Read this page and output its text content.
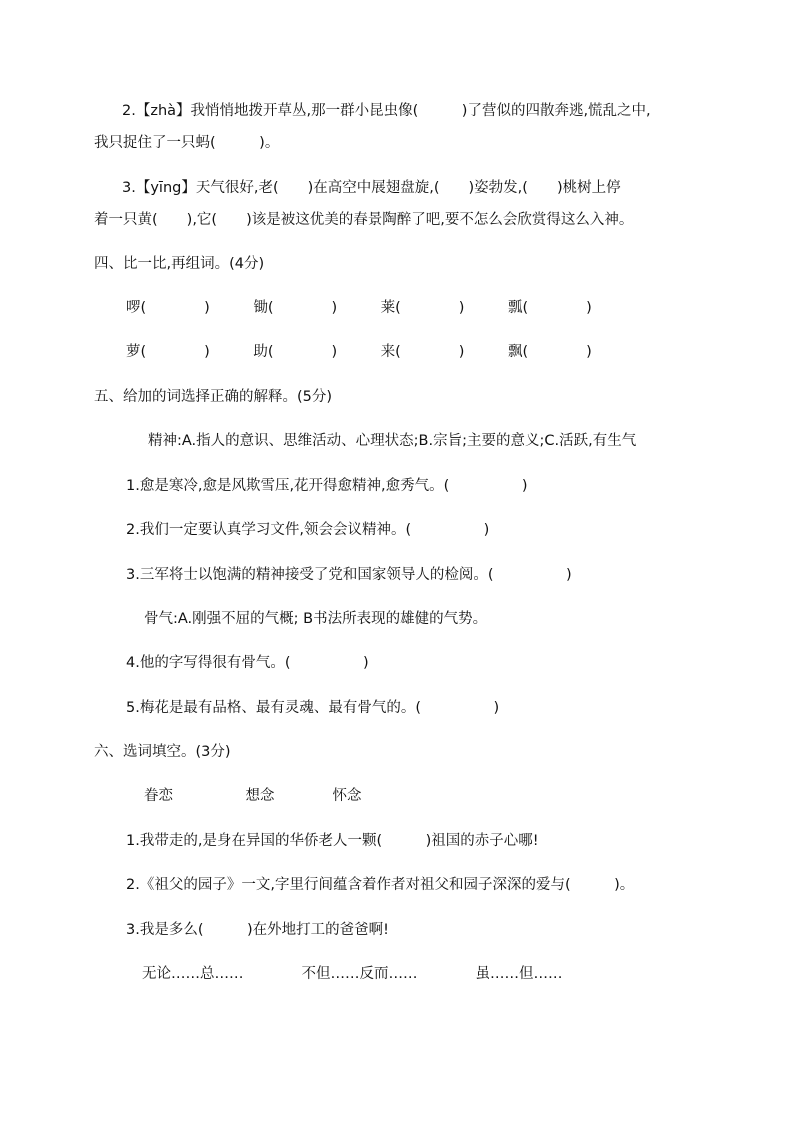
2.【zhà】我悄悄地拨开草丛,那一群小昆虫像(　　　)了营似的四散奔逃,慌乱之中,
我只捉住了一只蚂(　　　)。
3.【yīng】天气很好,老(　　)在高空中展翅盘旋,(　　)姿勃发,(　　)桃树上停
着一只黄(　　),它(　　)该是被这优美的春景陶醉了吧,要不怎么会欣赏得这么入神。
四、比一比,再组词。(4分)
啰(　　　　)　　　锄(　　　　)　　　莱(　　　　)　　　瓢(　　　　)
萝(　　　　)　　　助(　　　　)　　　来(　　　　)　　　飘(　　　　)
五、给加的词选择正确的解释。(5分)
精神:A.指人的意识、思维活动、心理状态;B.宗旨;主要的意义;C.活跃,有生气
1.愈是寒冷,愈是风欺雪压,花开得愈精神,愈秀气。(　　　　　)
2.我们一定要认真学习文件,领会会议精神。(　　　　　)
3.三军将士以饱满的精神接受了党和国家领导人的检阅。(　　　　　)
骨气:A.刚强不屈的气概; B书法所表现的雄健的气势。
4.他的字写得很有骨气。(　　　　　)
5.梅花是最有品格、最有灵魂、最有骨气的。(　　　　　)
六、选词填空。(3分)
眷恋　　　　　想念　　　　怀念
1.我带走的,是身在异国的华侨老人一颗(　　　)祖国的赤子心哪!
2.《祖父的园子》一文,字里行间蕴含着作者对祖父和园子深深的爱与(　　　)。
3.我是多么(　　　)在外地打工的爸爸啊!
无论……总……　　　　不但……反而……　　　　虽……但……
